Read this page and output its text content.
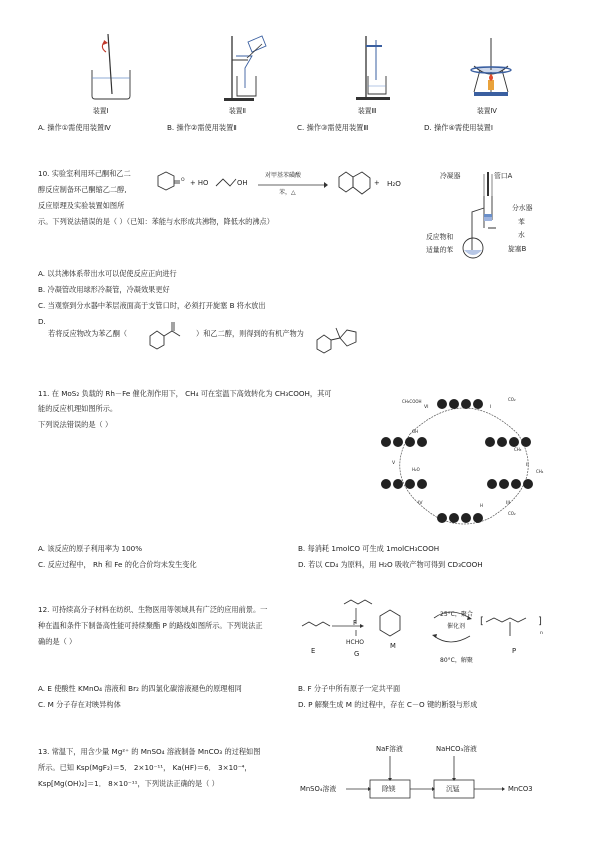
装置Ⅰ	装置Ⅱ	装置Ⅲ	装置Ⅳ
A. 操作①需使用装置Ⅳ	B. 操作②需使用装置Ⅱ	C. 操作③需使用装置Ⅲ	D. 操作④需使用装置Ⅰ
10. 实验室利用环己酮和乙二
醇反应制备环己酮缩乙二醇,
反应原理及实验装置如图所
示。下列说法错误的是（ ）（已知：苯能与水形成共沸物，降低水的沸点）
O + HO	OH
对甲基苯磺酸
苯，△
+ H₂O
冷凝器	管口A
分水器
苯
水
反应物和
适量的苯	旋塞B
A. 以共沸体系带出水可以促使反应正向进行
B. 冷凝管改用球形冷凝管，冷凝效果更好
C. 当观察到分水器中苯层液面高于支管口时，必须打开旋塞 B 将水放出
D.
若将反应物改为苯乙酮（	）和乙二醇，则得到的有机产物为
11. 在 MoS₂ 负载的 Rh－Fe 催化剂作用下， CH₄ 可在室温下高效转化为 CH₃COOH，其可
能的反应机理如图所示。
下列说法错误的是（ ）
CH₃COOH	CO₂
CH₄
CH₃
H₂O
OH
H
CO₂
I
II
III
IV
V
VI
A. 该反应的原子利用率为 100%	B. 每消耗 1molCO 可生成 1molCH₃COOH
C. 反应过程中， Rh 和 Fe 的化合价均未发生变化	D. 若以 CD₄ 为原料，用 H₂O 吸收产物可得到 CD₃COOH
12. 可持续高分子材料在纺织、生物医用等领域具有广泛的应用前景。一
种在温和条件下制备高性能可持续聚酯 P 的路线如图所示。下列说法正
确的是（ ）
[	]
E
F
HCHO
G
M
25°C，聚合
催化剂
80°C，解聚
n
P
A. E 使酸性 KMnO₄ 溶液和 Br₂ 的四氯化碳溶液褪色的原理相同	B. F 分子中所有原子一定共平面
C. M 分子存在对映异构体	D. P 解聚生成 M 的过程中，存在 C－O 键的断裂与形成
13. 常温下，用含少量 Mg²⁺ 的 MnSO₄ 溶液制备 MnCO₃ 的过程如图
所示。已知 Ksp(MgF₂)＝5． 2×10⁻¹¹， Ka(HF)＝6． 3×10⁻⁴，
Ksp[Mg(OH)₂]＝1． 8×10⁻¹¹，下列说法正确的是（ ）
NaF溶液	NaHCO₃溶液
MnSO₄溶液	除镁	沉锰	MnCO3
